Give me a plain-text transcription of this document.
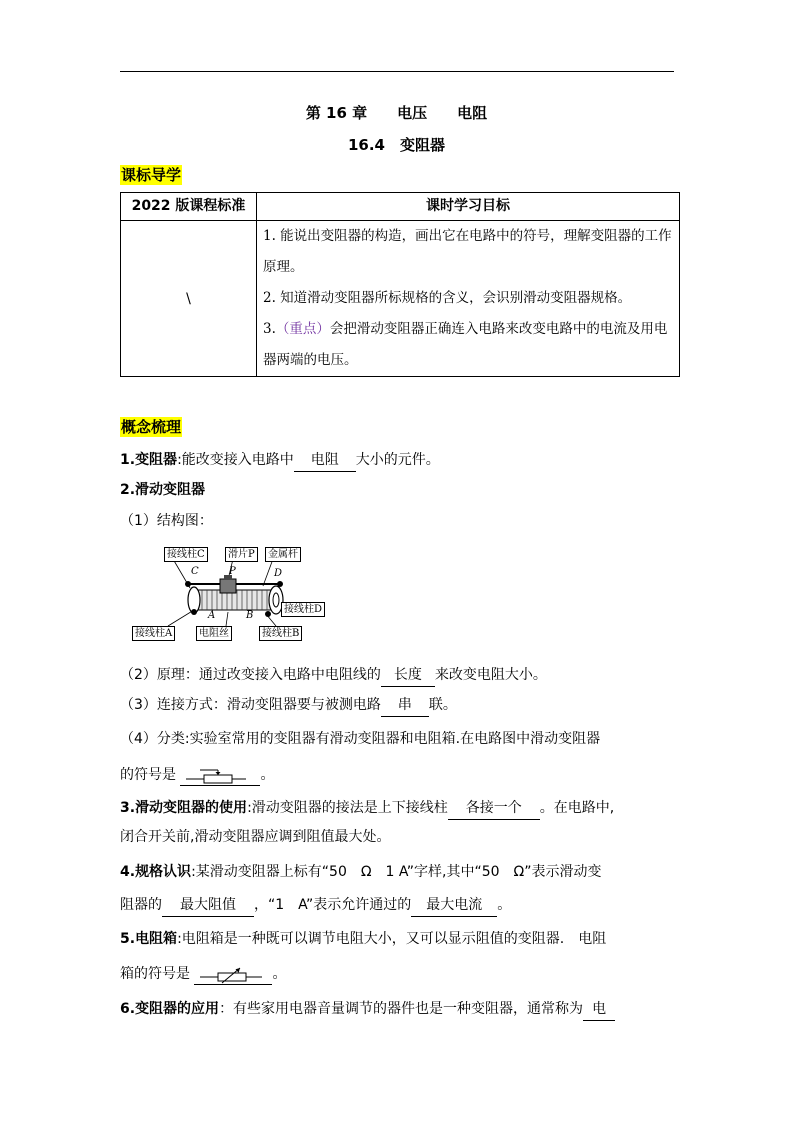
第 16 章　　电压　　电阻
16.4　变阻器
课标导学
2022 版课程标准	课时学习目标
\	1. 能说出变阻器的构造，画出它在电路中的符号，理解变阻器的工作原理。
2. 知道滑动变阻器所标规格的含义，会识别滑动变阻器规格。
3.（重点）会把滑动变阻器正确连入电路来改变电路中的电流及用电器两端的电压。
概念梳理
1.变阻器:能改变接入电路中 电阻 大小的元件。
2.滑动变阻器
（1）结构图：
接线柱C	滑片P	金属杆
C	P	D
接线柱D
A	B
接线柱A	电阻丝	接线柱B
（2）原理：通过改变接入电路中电阻线的 长度 来改变电阻大小。
（3）连接方式：滑动变阻器要与被测电路 串 联。
（4）分类:实验室常用的变阻器有滑动变阻器和电阻箱.在电路图中滑动变阻器
的符号是	。
3.滑动变阻器的使用:滑动变阻器的接法是上下接线柱 各接一个 。在电路中,
闭合开关前,滑动变阻器应调到阻值最大处。
4.规格认识:某滑动变阻器上标有“50　Ω　1 A”字样,其中“50　Ω”表示滑动变
阻器的 最大阻值 ，“1　A”表示允许通过的 最大电流 。
5.电阻箱:电阻箱是一种既可以调节电阻大小，又可以显示阻值的变阻器.　电阻
箱的符号是	。
6.变阻器的应用：有些家用电器音量调节的器件也是一种变阻器，通常称为 电
